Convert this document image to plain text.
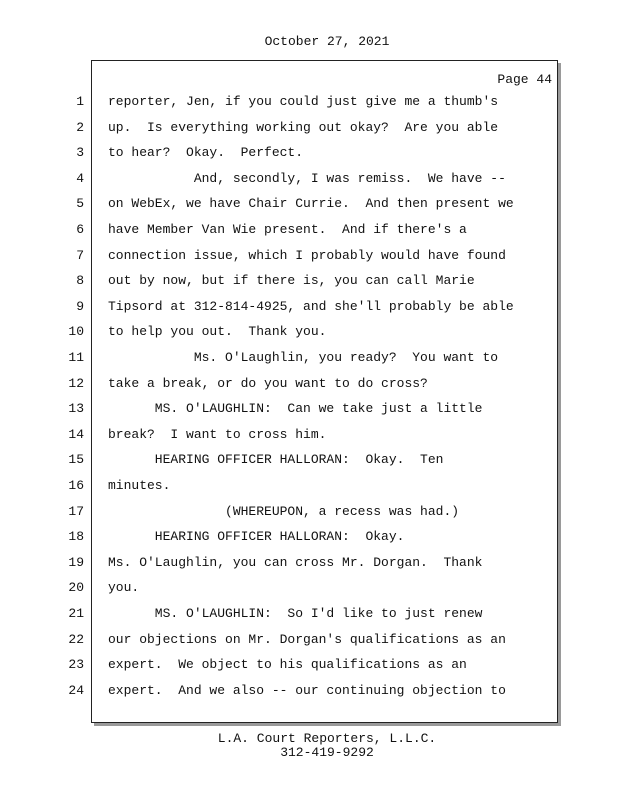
October 27, 2021
Page 44
1 reporter, Jen, if you could just give me a thumb's
2 up.  Is everything working out okay?  Are you able
3 to hear?  Okay.  Perfect.
4 And, secondly, I was remiss.  We have --
5 on WebEx, we have Chair Currie.  And then present we
6 have Member Van Wie present.  And if there's a
7 connection issue, which I probably would have found
8 out by now, but if there is, you can call Marie
9 Tipsord at 312-814-4925, and she'll probably be able
10 to help you out.  Thank you.
11 Ms. O'Laughlin, you ready?  You want to
12 take a break, or do you want to do cross?
13 MS. O'LAUGHLIN:  Can we take just a little
14 break?  I want to cross him.
15 HEARING OFFICER HALLORAN:  Okay.  Ten
16 minutes.
17 (WHEREUPON, a recess was had.)
18 HEARING OFFICER HALLORAN:  Okay.
19 Ms. O'Laughlin, you can cross Mr. Dorgan.  Thank
20 you.
21 MS. O'LAUGHLIN:  So I'd like to just renew
22 our objections on Mr. Dorgan's qualifications as an
23 expert.  We object to his qualifications as an
24 expert.  And we also -- our continuing objection to
L.A. Court Reporters, L.L.C.
312-419-9292
